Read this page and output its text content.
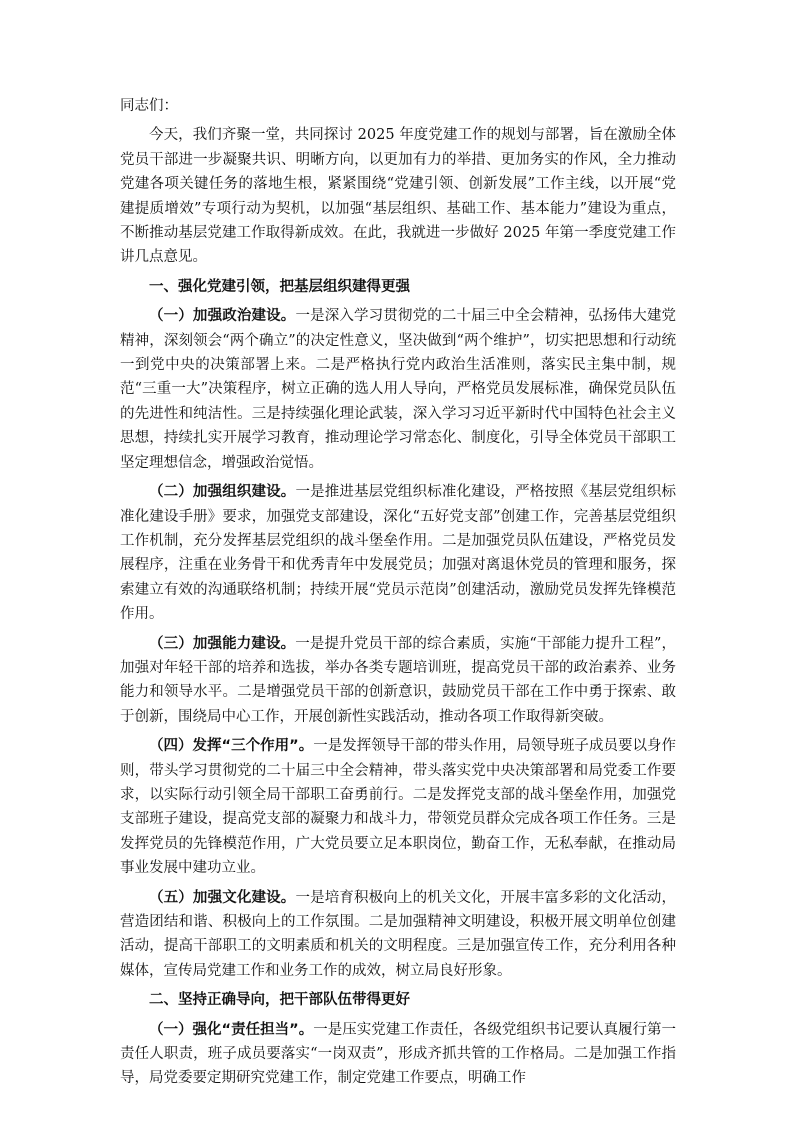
同志们：

今天，我们齐聚一堂，共同探讨 2025 年度党建工作的规划与部署，旨在激励全体党员干部进一步凝聚共识、明晰方向，以更加有力的举措、更加务实的作风，全力推动党建各项关键任务的落地生根，紧紧围绕“党建引领、创新发展”工作主线，以开展“党建提质增效”专项行动为契机，以加强“基层组织、基础工作、基本能力”建设为重点，不断推动基层党建工作取得新成效。在此，我就进一步做好 2025 年第一季度党建工作讲几点意见。

一、强化党建引领，把基层组织建得更强

（一）加强政治建设。一是深入学习贯彻党的二十届三中全会精神，弘扬伟大建党精神，深刻领会“两个确立”的决定性意义，坚决做到“两个维护”，切实把思想和行动统一到党中央的决策部署上来。二是严格执行党内政治生活准则，落实民主集中制，规范“三重一大”决策程序，树立正确的选人用人导向，严格党员发展标准，确保党员队伍的先进性和纯洁性。三是持续强化理论武装，深入学习习近平新时代中国特色社会主义思想，持续扎实开展学习教育，推动理论学习常态化、制度化，引导全体党员干部职工坚定理想信念，增强政治觉悟。

（二）加强组织建设。一是推进基层党组织标准化建设，严格按照《基层党组织标准化建设手册》要求，加强党支部建设，深化“五好党支部”创建工作，完善基层党组织工作机制，充分发挥基层党组织的战斗堡垒作用。二是加强党员队伍建设，严格党员发展程序，注重在业务骨干和优秀青年中发展党员；加强对离退休党员的管理和服务，探索建立有效的沟通联络机制；持续开展“党员示范岗”创建活动，激励党员发挥先锋模范作用。

（三）加强能力建设。一是提升党员干部的综合素质，实施“干部能力提升工程”，加强对年轻干部的培养和选拔，举办各类专题培训班，提高党员干部的政治素养、业务能力和领导水平。二是增强党员干部的创新意识，鼓励党员干部在工作中勇于探索、敢于创新，围绕局中心工作，开展创新性实践活动，推动各项工作取得新突破。

（四）发挥“三个作用”。一是发挥领导干部的带头作用，局领导班子成员要以身作则，带头学习贯彻党的二十届三中全会精神，带头落实党中央决策部署和局党委工作要求，以实际行动引领全局干部职工奋勇前行。二是发挥党支部的战斗堡垒作用，加强党支部班子建设，提高党支部的凝聚力和战斗力，带领党员群众完成各项工作任务。三是发挥党员的先锋模范作用，广大党员要立足本职岗位，勤奋工作，无私奉献，在推动局事业发展中建功立业。

（五）加强文化建设。一是培育积极向上的机关文化，开展丰富多彩的文化活动，营造团结和谐、积极向上的工作氛围。二是加强精神文明建设，积极开展文明单位创建活动，提高干部职工的文明素质和机关的文明程度。三是加强宣传工作，充分利用各种媒体，宣传局党建工作和业务工作的成效，树立局良好形象。

二、坚持正确导向，把干部队伍带得更好

（一）强化“责任担当”。一是压实党建工作责任，各级党组织书记要认真履行第一责任人职责，班子成员要落实“一岗双责”，形成齐抓共管的工作格局。二是加强工作指导，局党委要定期研究党建工作，制定党建工作要点，明确工作
